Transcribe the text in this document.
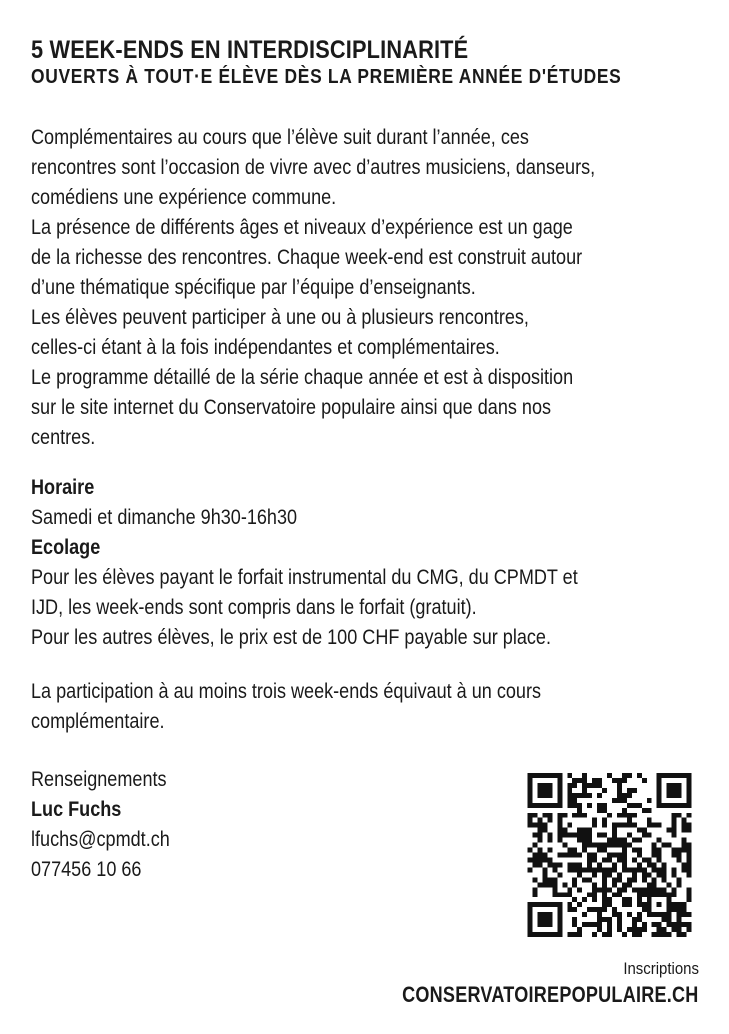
5 WEEK-ENDS EN INTERDISCIPLINARITÉ
OUVERTS À TOUT·E ÉLÈVE DÈS LA PREMIÈRE ANNÉE D'ÉTUDES
Complémentaires au cours que l’élève suit durant l’année, ces
rencontres sont l’occasion de vivre avec d’autres musiciens, danseurs,
comédiens une expérience commune.
La présence de différents âges et niveaux d’expérience est un gage
de la richesse des rencontres. Chaque week-end est construit autour
d’une thématique spécifique par l’équipe d’enseignants.
Les élèves peuvent participer à une ou à plusieurs rencontres,
celles-ci étant à la fois indépendantes et complémentaires.
Le programme détaillé de la série chaque année et est à disposition
sur le site internet du Conservatoire populaire ainsi que dans nos
centres.
Horaire
Samedi et dimanche 9h30-16h30
Ecolage
Pour les élèves payant le forfait instrumental du CMG, du CPMDT et
IJD, les week-ends sont compris dans le forfait (gratuit).
Pour les autres élèves, le prix est de 100 CHF payable sur place.
La participation à au moins trois week-ends équivaut à un cours
complémentaire.
Renseignements
Luc Fuchs
lfuchs@cpmdt.ch
077456 10 66
Inscriptions
CONSERVATOIREPOPULAIRE.CH
